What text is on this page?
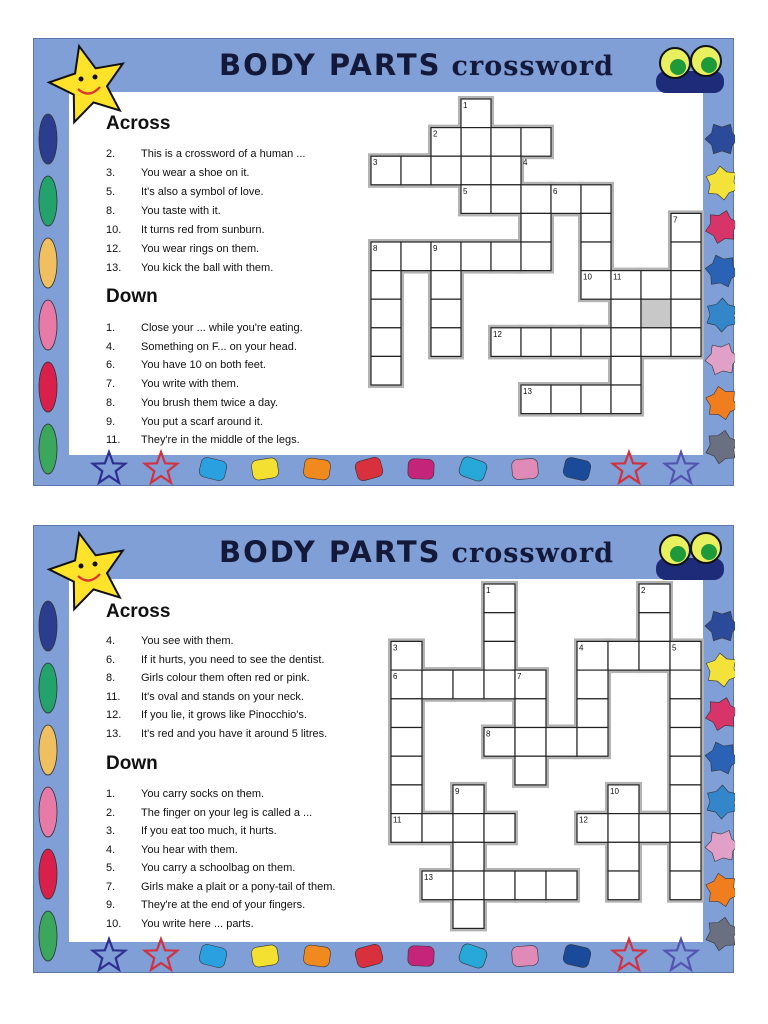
BODY PARTS crossword
Across
2. This is a crossword of a human ...
3. You wear a shoe on it.
5. It's also a symbol of love.
8. You taste with it.
10. It turns red from sunburn.
12. You wear rings on them.
13. You kick the ball with them.
Down
1. Close your ... while you're eating.
4. Something on F... on your head.
6. You have 10 on both feet.
7. You write with them.
8. You brush them twice a day.
9. You put a scarf around it.
11. They're in the middle of the legs.
1
2
3	4
5	6
7
8	9
10	11
12
13
BODY PARTS crossword
Across
4. You see with them.
6. If it hurts, you need to see the dentist.
8. Girls colour them often red or pink.
11. It's oval and stands on your neck.
12. If you lie, it grows like Pinocchio's.
13. It's red and you have it around 5 litres.
Down
1. You carry socks on them.
2. The finger on your leg is called a ...
3. If you eat too much, it hurts.
4. You hear with them.
5. You carry a schoolbag on them.
7. Girls make a plait or a pony-tail of them.
9. They're at the end of your fingers.
10. You write here ... parts.
1	2
3	4	5
6	7
8
9	10
11	12
13
